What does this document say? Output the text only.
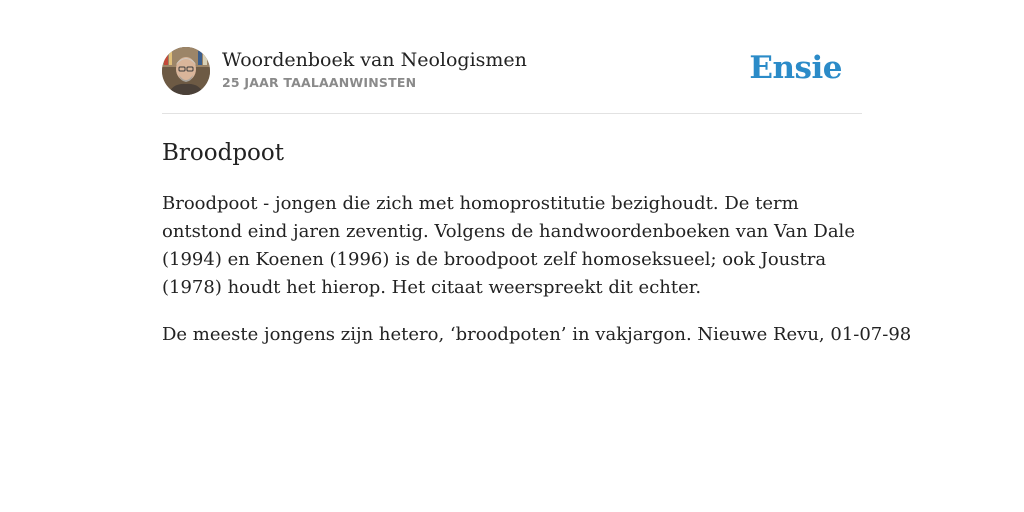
Woordenboek van Neologismen
25 JAAR TAALAANWINSTEN	Ensie
Broodpoot

Broodpoot - jongen die zich met homoprostitutie bezighoudt. De term ontstond eind jaren zeventig. Volgens de handwoordenboeken van Van Dale (1994) en Koenen (1996) is de broodpoot zelf homoseksueel; ook Joustra (1978) houdt het hierop. Het citaat weerspreekt dit echter.

De meeste jongens zijn hetero, ‘broodpoten’ in vakjargon. Nieuwe Revu, 01-07-98
